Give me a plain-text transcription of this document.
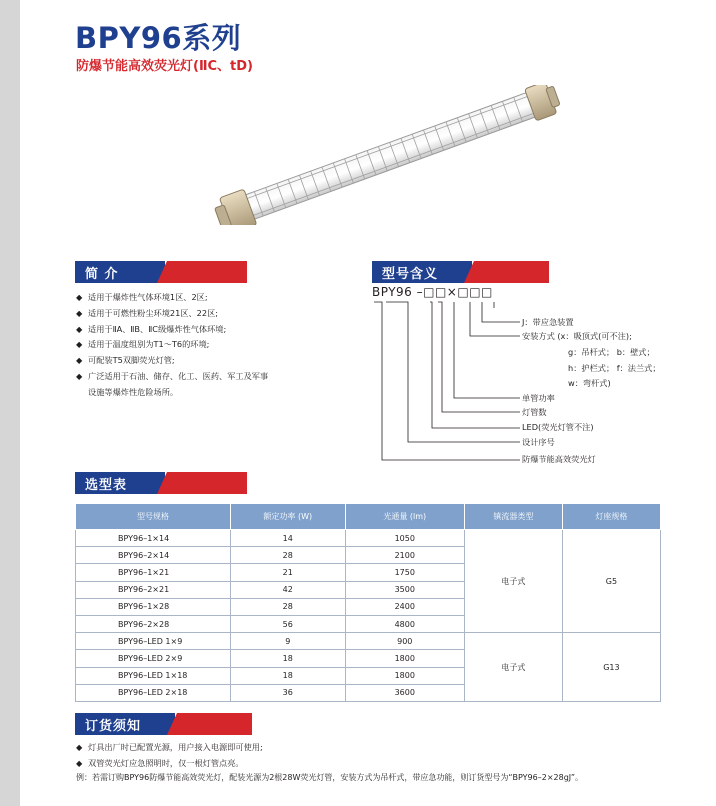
BPY96系列
防爆节能高效荧光灯(ⅡC、tD)
简 介
◆ 适用于爆炸性气体环境1区、2区;
◆ 适用于可燃性粉尘环境21区、22区;
◆ 适用于ⅡA、ⅡB、ⅡC级爆炸性气体环境;
◆ 适用于温度组别为T1～T6的环境;
◆ 可配装T5双脚荧光灯管;
◆ 广泛适用于石油、储存、化工、医药、军工及军事
设施等爆炸性危险场所。
型号含义
BPY96 –□□×□□□
J：带应急装置
安装方式 (x：吸顶式(可不注);
g：吊杆式； b：壁式；
h：护栏式； f：法兰式；
w：弯杆式)
单管功率
灯管数
LED(荧光灯管不注)
设计序号
防爆节能高效荧光灯
选型表
型号规格	额定功率 (W)	光通量 (lm)	镇流器类型	灯座规格
BPY96–1×14	14	1050	电子式	G5
BPY96–2×14	28	2100		
BPY96–1×21	21	1750		
BPY96–2×21	42	3500		
BPY96–1×28	28	2400		
BPY96–2×28	56	4800		
BPY96–LED 1×9	9	900	电子式	G13
BPY96–LED 2×9	18	1800		
BPY96–LED 1×18	18	1800		
BPY96–LED 2×18	36	3600		
订货须知
◆ 灯具出厂时已配置光源，用户接入电源即可使用;
◆ 双管荧光灯应急照明时，仅一根灯管点亮。
例：若需订购BPY96防爆节能高效荧光灯，配装光源为2根28W荧光灯管，安装方式为吊杆式，带应急功能，则订货型号为“BPY96–2×28gJ”。
